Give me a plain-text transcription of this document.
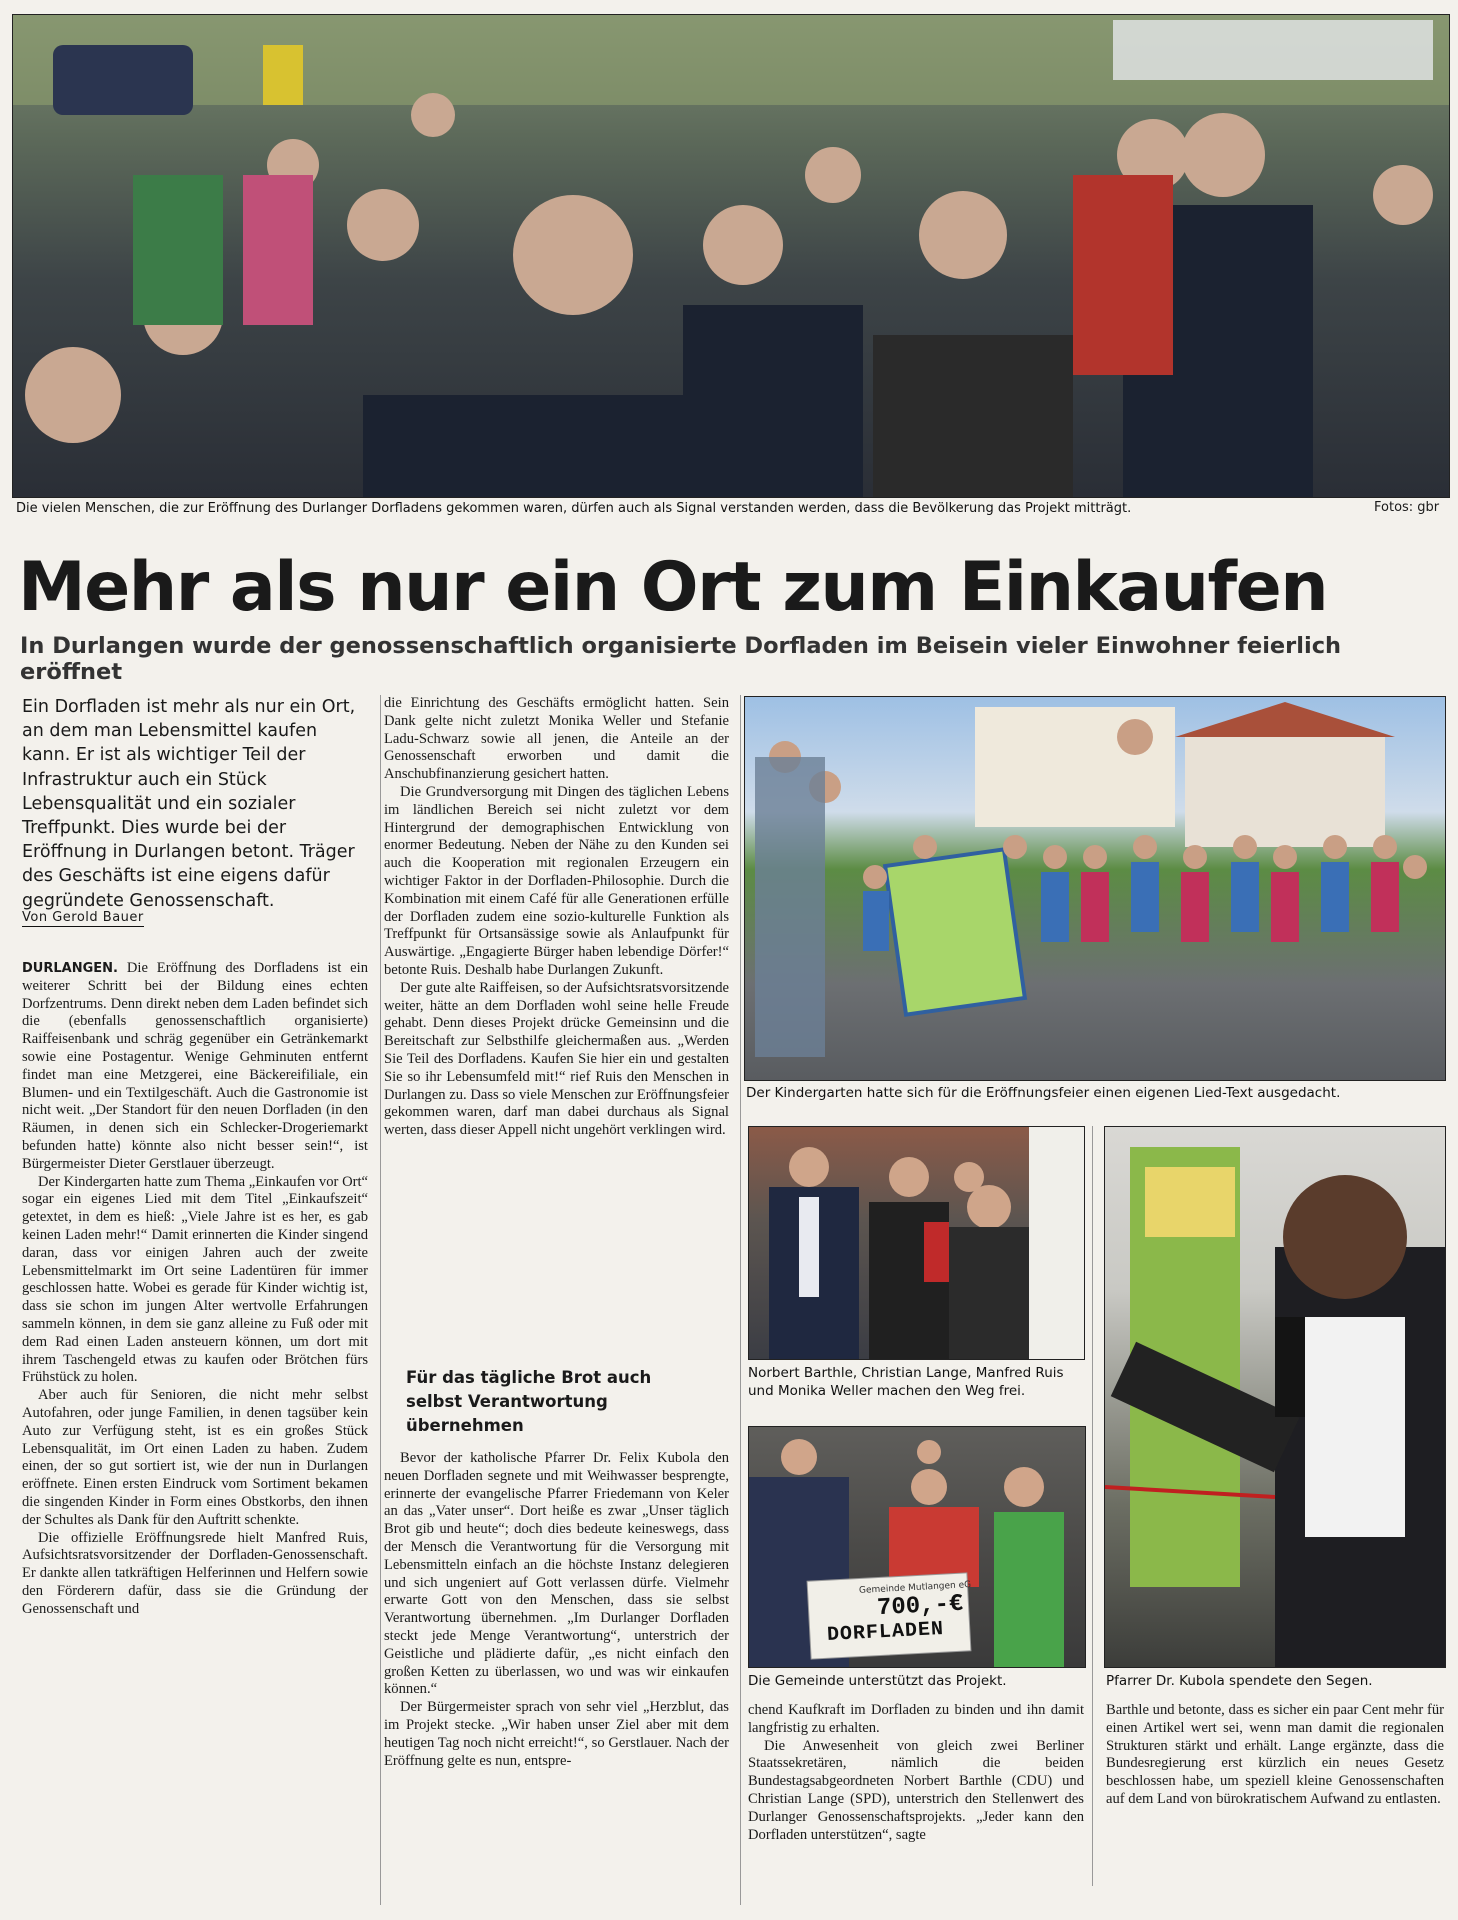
Die vielen Menschen, die zur Eröffnung des Durlanger Dorfladens gekommen waren, dürfen auch als Signal verstanden werden, dass die Bevölkerung das Projekt mitträgt.	Fotos: gbr
Mehr als nur ein Ort zum Einkaufen
In Durlangen wurde der genossenschaftlich organisierte Dorfladen im Beisein vieler Einwohner feierlich eröffnet
Ein Dorfladen ist mehr als nur ein Ort, an dem man Lebensmittel kaufen kann. Er ist als wichtiger Teil der Infrastruktur auch ein Stück Lebensqualität und ein sozialer Treffpunkt. Dies wurde bei der Eröffnung in Durlangen betont. Träger des Geschäfts ist eine eigens dafür gegründete Genossenschaft.
Von Gerold Bauer

DURLANGEN. Die Eröffnung des Dorfladens ist ein weiterer Schritt bei der Bildung eines echten Dorfzentrums. Denn direkt neben dem Laden befindet sich die (ebenfalls genossenschaftlich organisierte) Raiffeisenbank und schräg gegenüber ein Getränkemarkt sowie eine Postagentur. Wenige Gehminuten entfernt findet man eine Metzgerei, eine Bäckereifiliale, ein Blumen- und ein Textilgeschäft. Auch die Gastronomie ist nicht weit. „Der Standort für den neuen Dorfladen (in den Räumen, in denen sich ein Schlecker-Drogeriemarkt befunden hatte) könnte also nicht besser sein!“, ist Bürgermeister Dieter Gerstlauer überzeugt.

Der Kindergarten hatte zum Thema „Einkaufen vor Ort“ sogar ein eigenes Lied mit dem Titel „Einkaufszeit“ getextet, in dem es hieß: „Viele Jahre ist es her, es gab keinen Laden mehr!“ Damit erinnerten die Kinder singend daran, dass vor einigen Jahren auch der zweite Lebensmittelmarkt im Ort seine Ladentüren für immer geschlossen hatte. Wobei es gerade für Kinder wichtig ist, dass sie schon im jungen Alter wertvolle Erfahrungen sammeln können, in dem sie ganz alleine zu Fuß oder mit dem Rad einen Laden ansteuern können, um dort mit ihrem Taschengeld etwas zu kaufen oder Brötchen fürs Frühstück zu holen.

Aber auch für Senioren, die nicht mehr selbst Autofahren, oder junge Familien, in denen tagsüber kein Auto zur Verfügung steht, ist es ein großes Stück Lebensqualität, im Ort einen Laden zu haben. Zudem einen, der so gut sortiert ist, wie der nun in Durlangen eröffnete. Einen ersten Eindruck vom Sortiment bekamen die singenden Kinder in Form eines Obstkorbs, den ihnen der Schultes als Dank für den Auftritt schenkte.

Die offizielle Eröffnungsrede hielt Manfred Ruis, Aufsichtsratsvorsitzender der Dorfladen-Genossenschaft. Er dankte allen tatkräftigen Helferinnen und Helfern sowie den Förderern dafür, dass sie die Gründung der Genossenschaft und

die Einrichtung des Geschäfts ermöglicht hatten. Sein Dank gelte nicht zuletzt Monika Weller und Stefanie Ladu-Schwarz sowie all jenen, die Anteile an der Genossenschaft erworben und damit die Anschubfinanzierung gesichert hatten.

Die Grundversorgung mit Dingen des täglichen Lebens im ländlichen Bereich sei nicht zuletzt vor dem Hintergrund der demographischen Entwicklung von enormer Bedeutung. Neben der Nähe zu den Kunden sei auch die Kooperation mit regionalen Erzeugern ein wichtiger Faktor in der Dorfladen-Philosophie. Durch die Kombination mit einem Café für alle Generationen erfülle der Dorfladen zudem eine sozio-kulturelle Funktion als Treffpunkt für Ortsansässige sowie als Anlaufpunkt für Auswärtige. „Engagierte Bürger haben lebendige Dörfer!“ betonte Ruis. Deshalb habe Durlangen Zukunft.

Der gute alte Raiffeisen, so der Aufsichtsratsvorsitzende weiter, hätte an dem Dorfladen wohl seine helle Freude gehabt. Denn dieses Projekt drücke Gemeinsinn und die Bereitschaft zur Selbsthilfe gleichermaßen aus. „Werden Sie Teil des Dorfladens. Kaufen Sie hier ein und gestalten Sie so ihr Lebensumfeld mit!“ rief Ruis den Menschen in Durlangen zu. Dass so viele Menschen zur Eröffnungsfeier gekommen waren, darf man dabei durchaus als Signal werten, dass dieser Appell nicht ungehört verklingen wird.

Für das tägliche Brot auch selbst Verantwortung übernehmen

Bevor der katholische Pfarrer Dr. Felix Kubola den neuen Dorfladen segnete und mit Weihwasser besprengte, erinnerte der evangelische Pfarrer Friedemann von Keler an das „Vater unser“. Dort heiße es zwar „Unser täglich Brot gib und heute“; doch dies bedeute keineswegs, dass der Mensch die Verantwortung für die Versorgung mit Lebensmitteln einfach an die höchste Instanz delegieren und sich ungeniert auf Gott verlassen dürfe. Vielmehr erwarte Gott von den Menschen, dass sie selbst Verantwortung übernehmen. „Im Durlanger Dorfladen steckt jede Menge Verantwortung“, unterstrich der Geistliche und plädierte dafür, „es nicht einfach den großen Ketten zu überlassen, wo und was wir einkaufen können.“

Der Bürgermeister sprach von sehr viel „Herzblut, das im Projekt stecke. „Wir haben unser Ziel aber mit dem heutigen Tag noch nicht erreicht!“, so Gerstlauer. Nach der Eröffnung gelte es nun, entspre-

Der Kindergarten hatte sich für die Eröffnungsfeier einen eigenen Lied-Text ausgedacht.
Norbert Barthle, Christian Lange, Manfred Ruis und Monika Weller machen den Weg frei.
Gemeinde Mutlangen eG
700,-€
DORFLADEN
Die Gemeinde unterstützt das Projekt.	Pfarrer Dr. Kubola spendete den Segen.

chend Kaufkraft im Dorfladen zu binden und ihn damit langfristig zu erhalten.

Die Anwesenheit von gleich zwei Berliner Staatssekretären, nämlich die beiden Bundestagsabgeordneten Norbert Barthle (CDU) und Christian Lange (SPD), unterstrich den Stellenwert des Durlanger Genossenschaftsprojekts. „Jeder kann den Dorfladen unterstützen“, sagte

Barthle und betonte, dass es sicher ein paar Cent mehr für einen Artikel wert sei, wenn man damit die regionalen Strukturen stärkt und erhält. Lange ergänzte, dass die Bundesregierung erst kürzlich ein neues Gesetz beschlossen habe, um speziell kleine Genossenschaften auf dem Land von bürokratischem Aufwand zu entlasten.
